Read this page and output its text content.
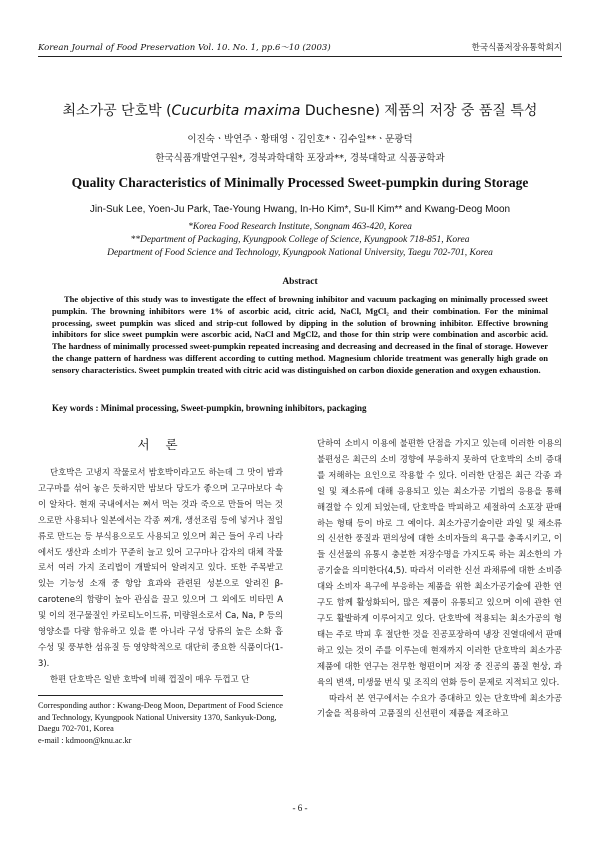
Korean Journal of Food Preservation Vol. 10. No. 1, pp.6～10 (2003)	한국식품저장유통학회지
최소가공 단호박 (Cucurbita maxima Duchesne) 제품의 저장 중 품질 특성
이진숙ㆍ박연주ㆍ황태영ㆍ김인호*ㆍ김수일**ㆍ문광덕
한국식품개발연구원*, 경북과학대학 포장과**, 경북대학교 식품공학과
Quality Characteristics of Minimally Processed Sweet-pumpkin during Storage
Jin-Suk Lee, Yoen-Ju Park, Tae-Young Hwang, In-Ho Kim*, Su-Il Kim** and Kwang-Deog Moon
*Korea Food Research Institute, Songnam 463-420, Korea
**Department of Packaging, Kyungpook College of Science, Kyungpook 718-851, Korea
Department of Food Science and Technology, Kyungpook National University, Taegu 702-701, Korea
Abstract
The objective of this study was to investigate the effect of browning inhibitor and vacuum packaging on minimally processed sweet pumpkin. The browning inhibitors were 1% of ascorbic acid, citric acid, NaCl, MgCl₂ and their combination. For the minimal processing, sweet pumpkin was sliced and strip-cut followed by dipping in the solution of browning inhibitor. Effective browning inhibitors for slice sweet pumpkin were ascorbic acid, NaCl and MgCl2, and those for thin strip were combination and ascorbic acid. The hardness of minimally processed sweet-pumpkin repeated increasing and decreasing and decreased in the final of storage. However the change pattern of hardness was different according to cutting method. Magnesium chloride treatment was generally high grade on sensory characteristics. Sweet pumpkin treated with citric acid was distinguished on carbon dioxide generation and oxygen exhaustion.
Key words : Minimal processing, Sweet-pumpkin, browning inhibitors, packaging
서 론

단호박은 고냉지 작물로서 밤호박이라고도 하는데 그 맛이 밤과 고구마를 섞어 놓은 듯하지만 밤보다 당도가 좋으며 고구마보다 속이 알차다. 현재 국내에서는 쪄서 먹는 것과 죽으로 만들어 먹는 것으로만 사용되나 일본에서는 각종 찌개, 생선조림 등에 넣거나 절임류로 만드는 등 부식용으로도 사용되고 있으며 최근 들어 우리 나라에서도 생산과 소비가 꾸준히 늘고 있어 고구마나 감자의 대체 작물로서 여러 가지 조리법이 개발되어 알려지고 있다. 또한 주목받고 있는 기능성 소재 중 항암 효과와 관련된 성분으로 알려진 β-carotene의 함량이 높아 관심을 끌고 있으며 그 외에도 비타민 A 및 이의 전구물질인 카로티노이드류, 미량원소로서 Ca, Na, P 등의 영양소를 다량 함유하고 있을 뿐 아니라 구성 당류의 높은 소화 흡수성 및 풍부한 섬유질 등 영양학적으로 대단히 중요한 식품이다(1-3).

한편 단호박은 일반 호박에 비해 껍질이 매우 두껍고 단

Corresponding author : Kwang-Deog Moon, Department of Food Science and Technology, Kyungpook National University 1370, Sankyuk-Dong, Daegu 702-701, Korea
e-mail : kdmoon@knu.ac.kr

단하여 소비시 이용에 불편한 단점을 가지고 있는데 이러한 이용의 불편성은 최근의 소비 경향에 부응하지 못하여 단호박의 소비 증대를 저해하는 요인으로 작용할 수 있다. 이러한 단점은 최근 각종 과일 및 채소류에 대해 응용되고 있는 최소가공 기법의 응용을 통해 해결할 수 있게 되었는데, 단호박을 박피하고 세절하여 소포장 판매하는 형태 등이 바로 그 예이다. 최소가공기술이란 과일 및 채소류의 신선한 풍질과 편의성에 대한 소비자들의 욕구를 충족시키고, 이들 신선물의 유통시 충분한 저장수명을 가지도록 하는 최소한의 가공기술을 의미한다(4,5). 따라서 이러한 신선 과채류에 대한 소비증대와 소비자 욕구에 부응하는 제품을 위한 최소가공기술에 관한 연구도 함께 활성화되어, 많은 제품이 유통되고 있으며 이에 관한 연구도 활발하게 이루어지고 있다. 단호박에 적용되는 최소가공의 형태는 주로 박피 후 절단한 것을 진공포장하여 냉장 진열대에서 판매하고 있는 것이 주를 이루는데 현재까지 이러한 단호박의 최소가공 제품에 대한 연구는 전무한 형편이며 저장 중 진공의 품질 현상, 과육의 변색, 미생물 번식 및 조직의 연화 등이 문제로 지적되고 있다.

따라서 본 연구에서는 수요가 증대하고 있는 단호박에 최소가공 기술을 적용하여 고품질의 신선편이 제품을 제조하고

- 6 -
